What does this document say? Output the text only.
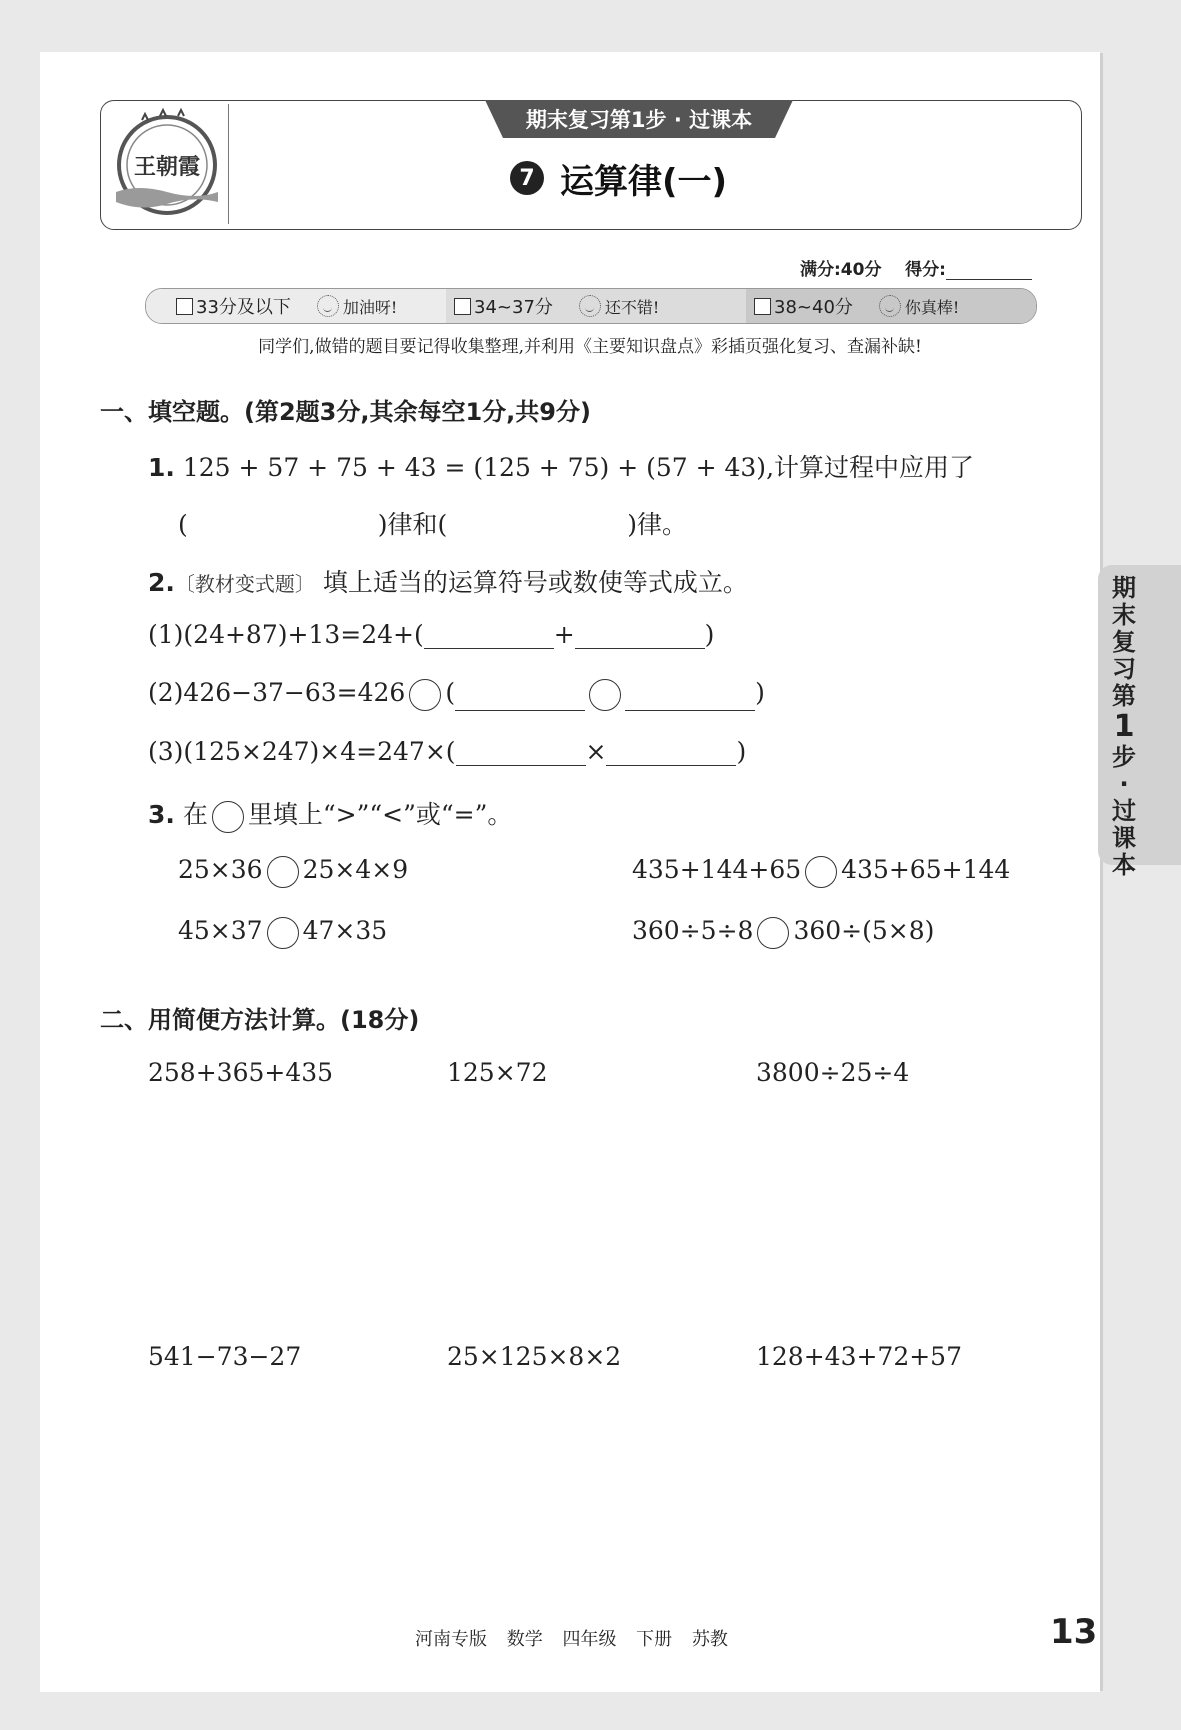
王朝霞
期末复习第1步 · 过课本
7 运算律(一)
满分:40分 得分:
33分及以下	加油呀!	34~37分	还不错!	38~40分	你真棒!
同学们,做错的题目要记得收集整理,并利用《主要知识盘点》彩插页强化复习、查漏补缺!
一、填空题。(第2题3分,其余每空1分,共9分)
1. 125 + 57 + 75 + 43 = (125 + 75) + (57 + 43),计算过程中应用了
(	)律和(	)律。
2.〔教材变式题〕 填上适当的运算符号或数使等式成立。
(1)(24+87)+13=24+(	+	)
(2)426−37−63=426 (	)
(3)(125×247)×4=247×(	×	)
3. 在 里填上“>”“<”或“=”。
25×36 25×4×9	435+144+65 435+65+144
45×37 47×35	360÷5÷8 360÷(5×8)
二、用简便方法计算。(18分)
258+365+435	125×72	3800÷25÷4
541−73−27	25×125×8×2	128+43+72+57
期
末
复
习
第
1
步
·
过
课
本
河南专版 数学 四年级 下册 苏教	13
